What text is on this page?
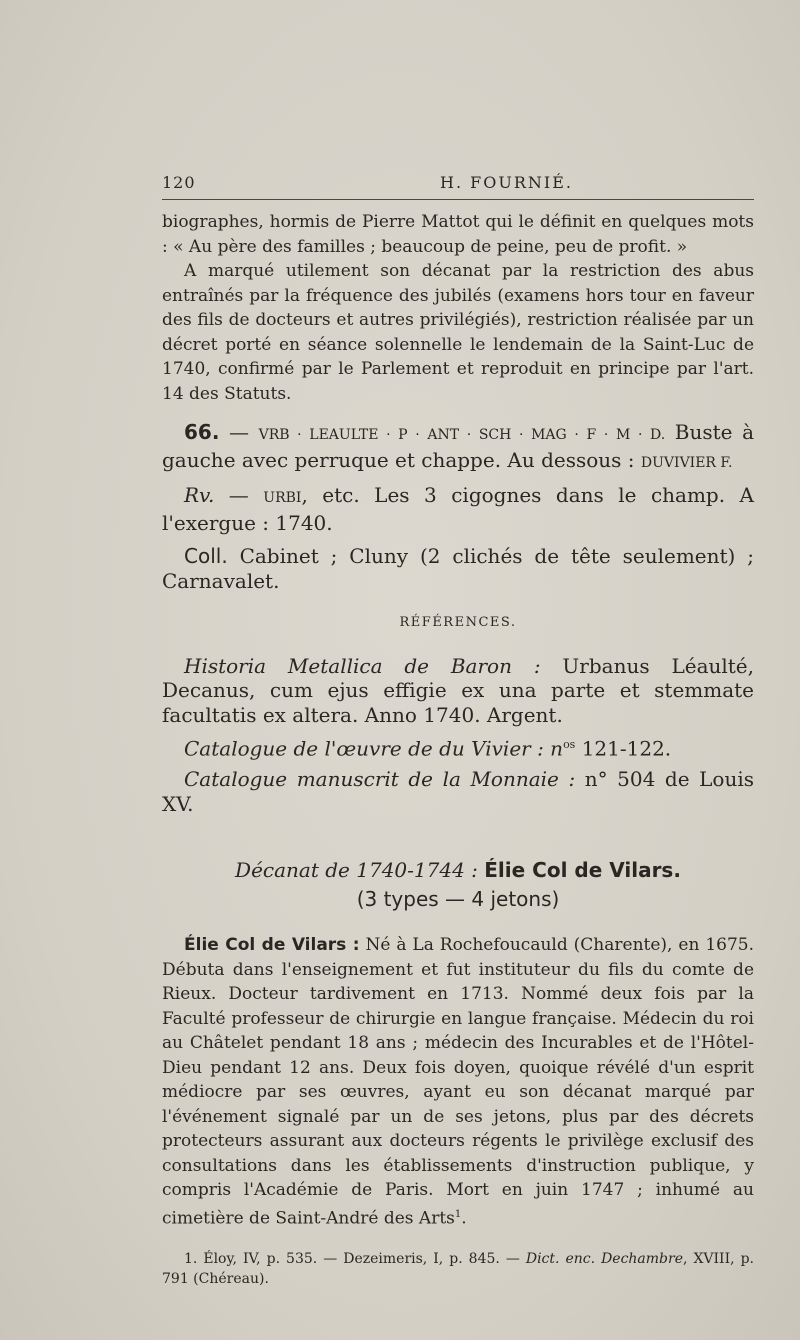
120	H. FOURNIÉ.

biographes, hormis de Pierre Mattot qui le définit en quelques mots : « Au père des familles ; beaucoup de peine, peu de profit. »

A marqué utilement son décanat par la restriction des abus entraînés par la fréquence des jubilés (examens hors tour en faveur des fils de docteurs et autres privilégiés), restriction réalisée par un décret porté en séance solennelle le lendemain de la Saint-Luc de 1740, confirmé par le Parlement et reproduit en principe par l'art. 14 des Statuts.

66. — VRB · LEAULTE · P · ANT · SCH · MAG · F · M · D. Buste à gauche avec perruque et chappe. Au dessous : DUVIVIER F.

Rv. — URBI, etc. Les 3 cigognes dans le champ. A l'exergue : 1740.

Coll. Cabinet ; Cluny (2 clichés de tête seulement) ; Carnavalet.

RÉFÉRENCES.

Historia Metallica de Baron : Urbanus Léaulté, Decanus, cum ejus effigie ex una parte et stemmate facultatis ex altera. Anno 1740. Argent.

Catalogue de l'œuvre de du Vivier : $n^{os}$ 121-122.

Catalogue manuscrit de la Monnaie : n° 504 de Louis XV.

Décanat de 1740-1744 : Élie Col de Vilars.

(3 types — 4 jetons)

Élie Col de Vilars : Né à La Rochefoucauld (Charente), en 1675. Débuta dans l'enseignement et fut instituteur du fils du comte de Rieux. Docteur tardivement en 1713. Nommé deux fois par la Faculté professeur de chirurgie en langue française. Médecin du roi au Châtelet pendant 18 ans ; médecin des Incurables et de l'Hôtel-Dieu pendant 12 ans. Deux fois doyen, quoique révélé d'un esprit médiocre par ses œuvres, ayant eu son décanat marqué par l'événement signalé par un de ses jetons, plus par des décrets protecteurs assurant aux docteurs régents le privilège exclusif des consultations dans les établissements d'instruction publique, y compris l'Académie de Paris. Mort en juin 1747 ; inhumé au cimetière de Saint-André des Arts$^1$.

1. Éloy, IV, p. 535. — Dezeimeris, I, p. 845. — Dict. enc. Dechambre, XVIII, p. 791 (Chéreau).
